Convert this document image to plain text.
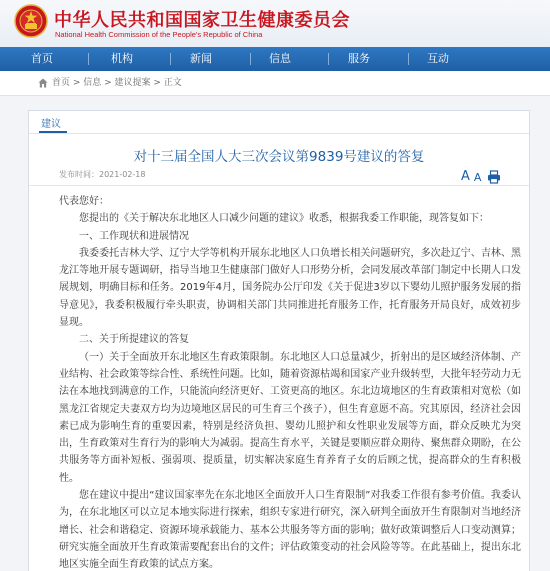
中华人民共和国国家卫生健康委员会
National Health Commission of the People's Republic of China
首页	机构	新闻	信息	服务	互动
首页 > 信息 > 建议提案 > 正文
建议
对十三届全国人大三次会议第9839号建议的答复
发布时间：2021-02-18	A A

代表您好：

您提出的《关于解决东北地区人口减少问题的建议》收悉，根据我委工作职能，现答复如下：

一、工作现状和进展情况

我委委托吉林大学、辽宁大学等机构开展东北地区人口负增长相关问题研究，多次赴辽宁、吉林、黑龙江等地开展专题调研，指导当地卫生健康部门做好人口形势分析，会同发展改革部门制定中长期人口发展规划，明确目标和任务。2019年4月，国务院办公厅印发《关于促进3岁以下婴幼儿照护服务发展的指导意见》，我委积极履行牵头职责，协调相关部门共同推进托育服务工作，托育服务开局良好，成效初步显现。

二、关于所提建议的答复

（一）关于全面放开东北地区生育政策限制。东北地区人口总量减少，折射出的是区域经济体制、产业结构、社会政策等综合性、系统性问题。比如，随着资源枯竭和国家产业升级转型，大批年轻劳动力无法在本地找到满意的工作，只能流向经济更好、工资更高的地区。东北边境地区的生育政策相对宽松（如黑龙江省规定夫妻双方均为边境地区居民的可生育三个孩子），但生育意愿不高。究其原因，经济社会因素已成为影响生育的重要因素，特别是经济负担、婴幼儿照护和女性职业发展等方面，群众反映尤为突出，生育政策对生育行为的影响大为减弱。提高生育水平，关键是要顺应群众期待、聚焦群众期盼，在公共服务等方面补短板、强弱项、提质量，切实解决家庭生育养育子女的后顾之忧，提高群众的生育积极性。

您在建议中提出“建议国家率先在东北地区全面放开人口生育限制”对我委工作很有参考价值。我委认为，在东北地区可以立足本地实际进行探索，组织专家进行研究，深入研判全面放开生育限制对当地经济增长、社会和谐稳定、资源环境承载能力、基本公共服务等方面的影响；做好政策调整后人口变动测算；研究实施全面放开生育政策需要配套出台的文件；评估政策变动的社会风险等等。在此基础上，提出东北地区实施全面生育政策的试点方案。
